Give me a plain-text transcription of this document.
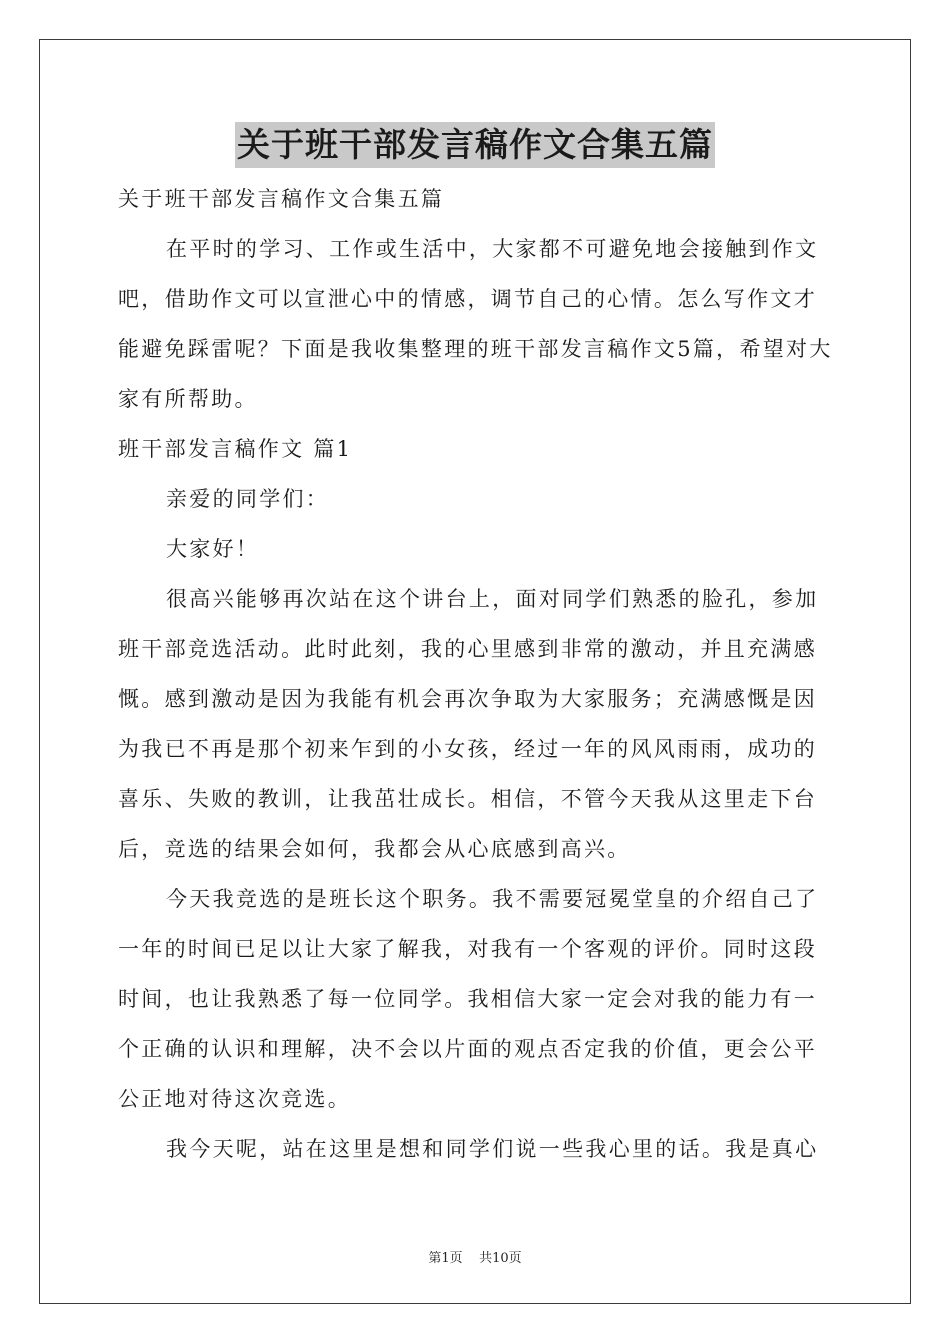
关于班干部发言稿作文合集五篇

关于班干部发言稿作文合集五篇

在平时的学习、工作或生活中，大家都不可避免地会接触到作文吧，借助作文可以宣泄心中的情感，调节自己的心情。怎么写作文才能避免踩雷呢？下面是我收集整理的班干部发言稿作文5篇，希望对大家有所帮助。

班干部发言稿作文 篇1

亲爱的同学们：

大家好！

很高兴能够再次站在这个讲台上，面对同学们熟悉的脸孔，参加班干部竞选活动。此时此刻，我的心里感到非常的激动，并且充满感慨。感到激动是因为我能有机会再次争取为大家服务；充满感慨是因为我已不再是那个初来乍到的小女孩，经过一年的风风雨雨，成功的喜乐、失败的教训，让我茁壮成长。相信，不管今天我从这里走下台后，竞选的结果会如何，我都会从心底感到高兴。

今天我竞选的是班长这个职务。我不需要冠冕堂皇的介绍自己了一年的时间已足以让大家了解我，对我有一个客观的评价。同时这段时间，也让我熟悉了每一位同学。我相信大家一定会对我的能力有一个正确的认识和理解，决不会以片面的观点否定我的价值，更会公平公正地对待这次竞选。

我今天呢，站在这里是想和同学们说一些我心里的话。我是真心

第1页    共10页
